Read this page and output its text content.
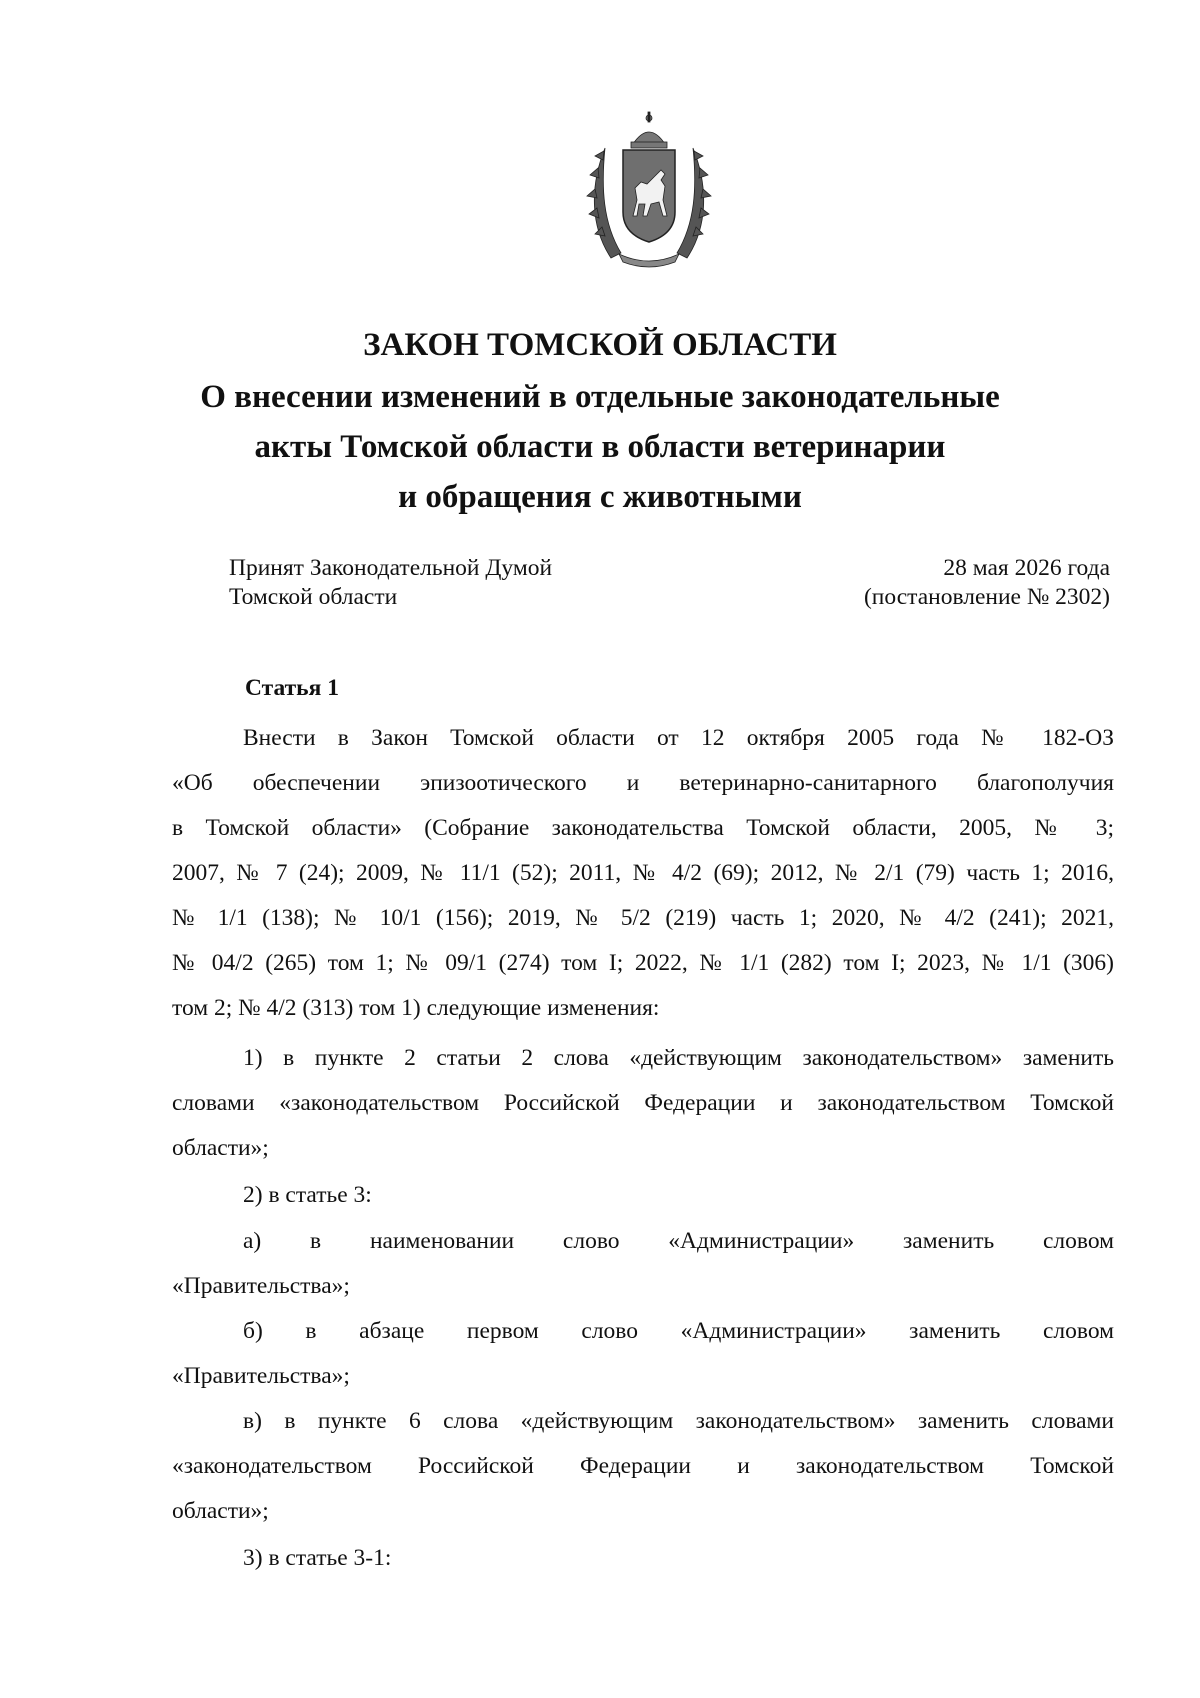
ЗАКОН ТОМСКОЙ ОБЛАСТИ
О внесении изменений в отдельные законодательные
акты Томской области в области ветеринарии
и обращения с животными
Принят Законодательной Думой
Томской области
28 мая 2026 года
(постановление № 2302)
Статья 1
Внести в Закон Томской области от 12 октября 2005 года № 182-ОЗ
«Об обеспечении эпизоотического и ветеринарно-санитарного благополучия
в Томской области» (Собрание законодательства Томской области, 2005, № 3;
2007, № 7 (24); 2009, № 11/1 (52); 2011, № 4/2 (69); 2012, № 2/1 (79) часть 1; 2016,
№ 1/1 (138); № 10/1 (156); 2019, № 5/2 (219) часть 1; 2020, № 4/2 (241); 2021,
№ 04/2 (265) том 1; № 09/1 (274) том I; 2022, № 1/1 (282) том I; 2023, № 1/1 (306)
том 2; № 4/2 (313) том 1) следующие изменения:
1) в пункте 2 статьи 2 слова «действующим законодательством» заменить
словами «законодательством Российской Федерации и законодательством Томской
области»;
2) в статье 3:
а) в наименовании слово «Администрации» заменить словом
«Правительства»;
б) в абзаце первом слово «Администрации» заменить словом
«Правительства»;
в) в пункте 6 слова «действующим законодательством» заменить словами
«законодательством Российской Федерации и законодательством Томской
области»;
3) в статье 3-1:
